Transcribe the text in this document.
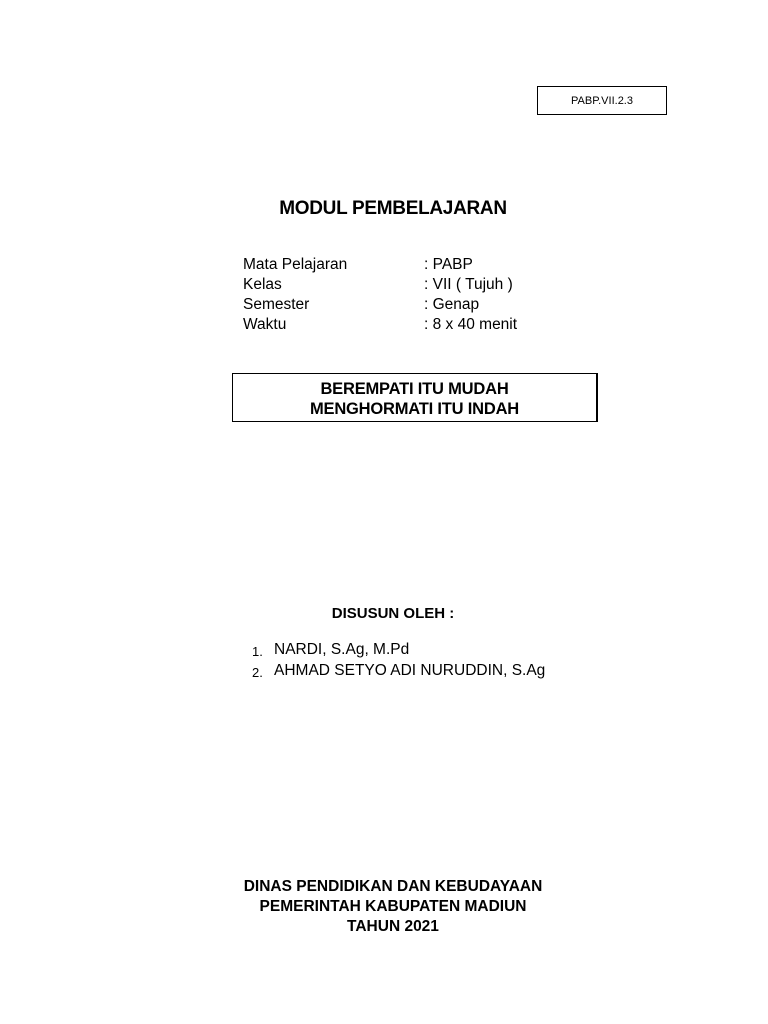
PABP.VII.2.3
MODUL PEMBELAJARAN
Mata Pelajaran	: PABP
Kelas	: VII ( Tujuh )
Semester	: Genap
Waktu	: 8 x 40 menit
BEREMPATI ITU MUDAH
MENGHORMATI ITU INDAH
DISUSUN OLEH :
1. NARDI, S.Ag, M.Pd
2. AHMAD SETYO ADI NURUDDIN, S.Ag
DINAS PENDIDIKAN DAN KEBUDAYAAN
PEMERINTAH KABUPATEN MADIUN
TAHUN 2021
